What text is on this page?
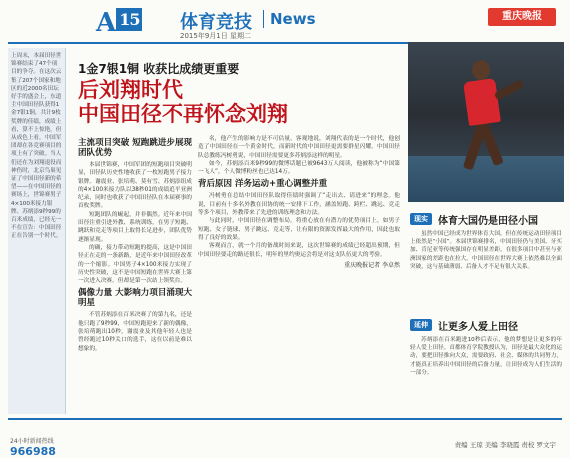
A 15 体育竞技 News
2015年9月1日 星期二
重庆晚报

上周末，本届田径世锦赛结束了47个项目的争夺。在这次云集了207个国家和地区的近2000名田坛好手的盛会上，东道主中国田径队获得1金7银1铜，共计9枚奖牌的佳绩，成绩上看，算不上惊艳，但从成色上看，中国军团却在各竞赛项目的项上有了突破。当人们还在为刘翔退役而神伤时，北京鸟巢见证了中国田径新的希望——在中国田径的赛场上，世锦赛男子4×100米接力银牌、苏炳添9秒99的百米成绩，已经无一不在宣告：中国田径正在告别一个时代。

1金7银1铜 收获比成绩更重要
后刘翔时代
中国田径不再怀念刘翔
主流项目突破 短跑跳进步展现团队优势

本届世锦赛，中国军团的短跑项目突破明显，田径队历史性地收获了一枚短跑男子接力银牌。谢震业、张培萌、莫有雪、苏炳添组成的4×100米接力队以38秒01的成绩追平亚洲纪录，同时也收获了中国田径队在本届赛事的首枚奖牌。

短跑团队的崛起，并非偶然。近年来中国田径注重引进外教、系统训练，在男子短跑、跳跃和竞走等项目上取得长足进步，团队优势逐渐显现。

的确，接力带动短跑的提高，这是中国田径正在走的一条新路，是近年来中国田径改革的一个缩影。中国男子4×100米接力实现了历史性突破，这不是中国短跑在世界大赛上第一次进入决赛，但却是第一次站上领奖台。

偶像力量 大影响力项目涌现大明星

不管苏炳添在百米决赛了的第九名，还是他只跑了9秒99，中国短跑迎来了新的偶像，张培萌跑出10秒，谢震业及其他年轻人也是曾经跑过10秒关口的选手，这在以前是难以想象的。

名，他产生的影响力是不可估量。客观地说，刘翔代表的是一个时代，他创造了中国田径在一个黄金时代，而新时代的中国田径更需要群星闪耀。中国田径队总教练冯树勇说，中国田径需要更多苏炳添这样的明星。

如今，苏炳添百米9秒99的微博话题已被9643万人阅读，他被称为“中国第一飞人”，个人微博粉丝也已达14万。

背后原因 洋务运动+重心调整并重

冯树勇在总结中国田径队取得佳绩时强调了“走出去、请进来”的理念。他说，目前有十多名外教在田协的统一安排下工作，涵盖短跑、跨栏、跳远、竞走等多个项目，外教带来了先进的训练理念和方法。

与此同时，中国田径在调整布局，将重心放在有潜力的优势项目上，如男子短跑、女子链球、男子跳远、竞走等，让有限的资源发挥最大的作用，因此也取得了良好的效果。

客观而言，就一个月的备战时间来说，这次世锦赛的成绩已经超出预期，但中国田径要走的路还很长，明年的里约奥运会将是对这支队伍更大的考验。

重庆晚报记者 李卓然
现实	体育大国仍是田径小国

虽然中国已经成为世界体育大国，但在传统运动田径项目上依然是“小国”。本届世锦赛排名，中国田径仍与美国、牙买加、肯尼亚等传统强国存在明显差距，在很多项目中甚至与亚洲国家的差距也在拉大。中国田径在世界大赛上依然难以全面突破，这与基础薄弱、后备人才不足有很大关系。

延伸	让更多人爱上田径

苏炳添在百米跑进10秒后表示，他的梦想是让更多的年轻人爱上田径。首都体育学院教授认为，田径是最大众化的运动，要把田径推向大众，需要政府、社会、媒体的共同努力，才能真正培养出中国田径的后备力量，让田径成为人们生活的一部分。

24小时新闻热线
966988	责编 王琼 美编 李晓霞 责校 罗文宇
